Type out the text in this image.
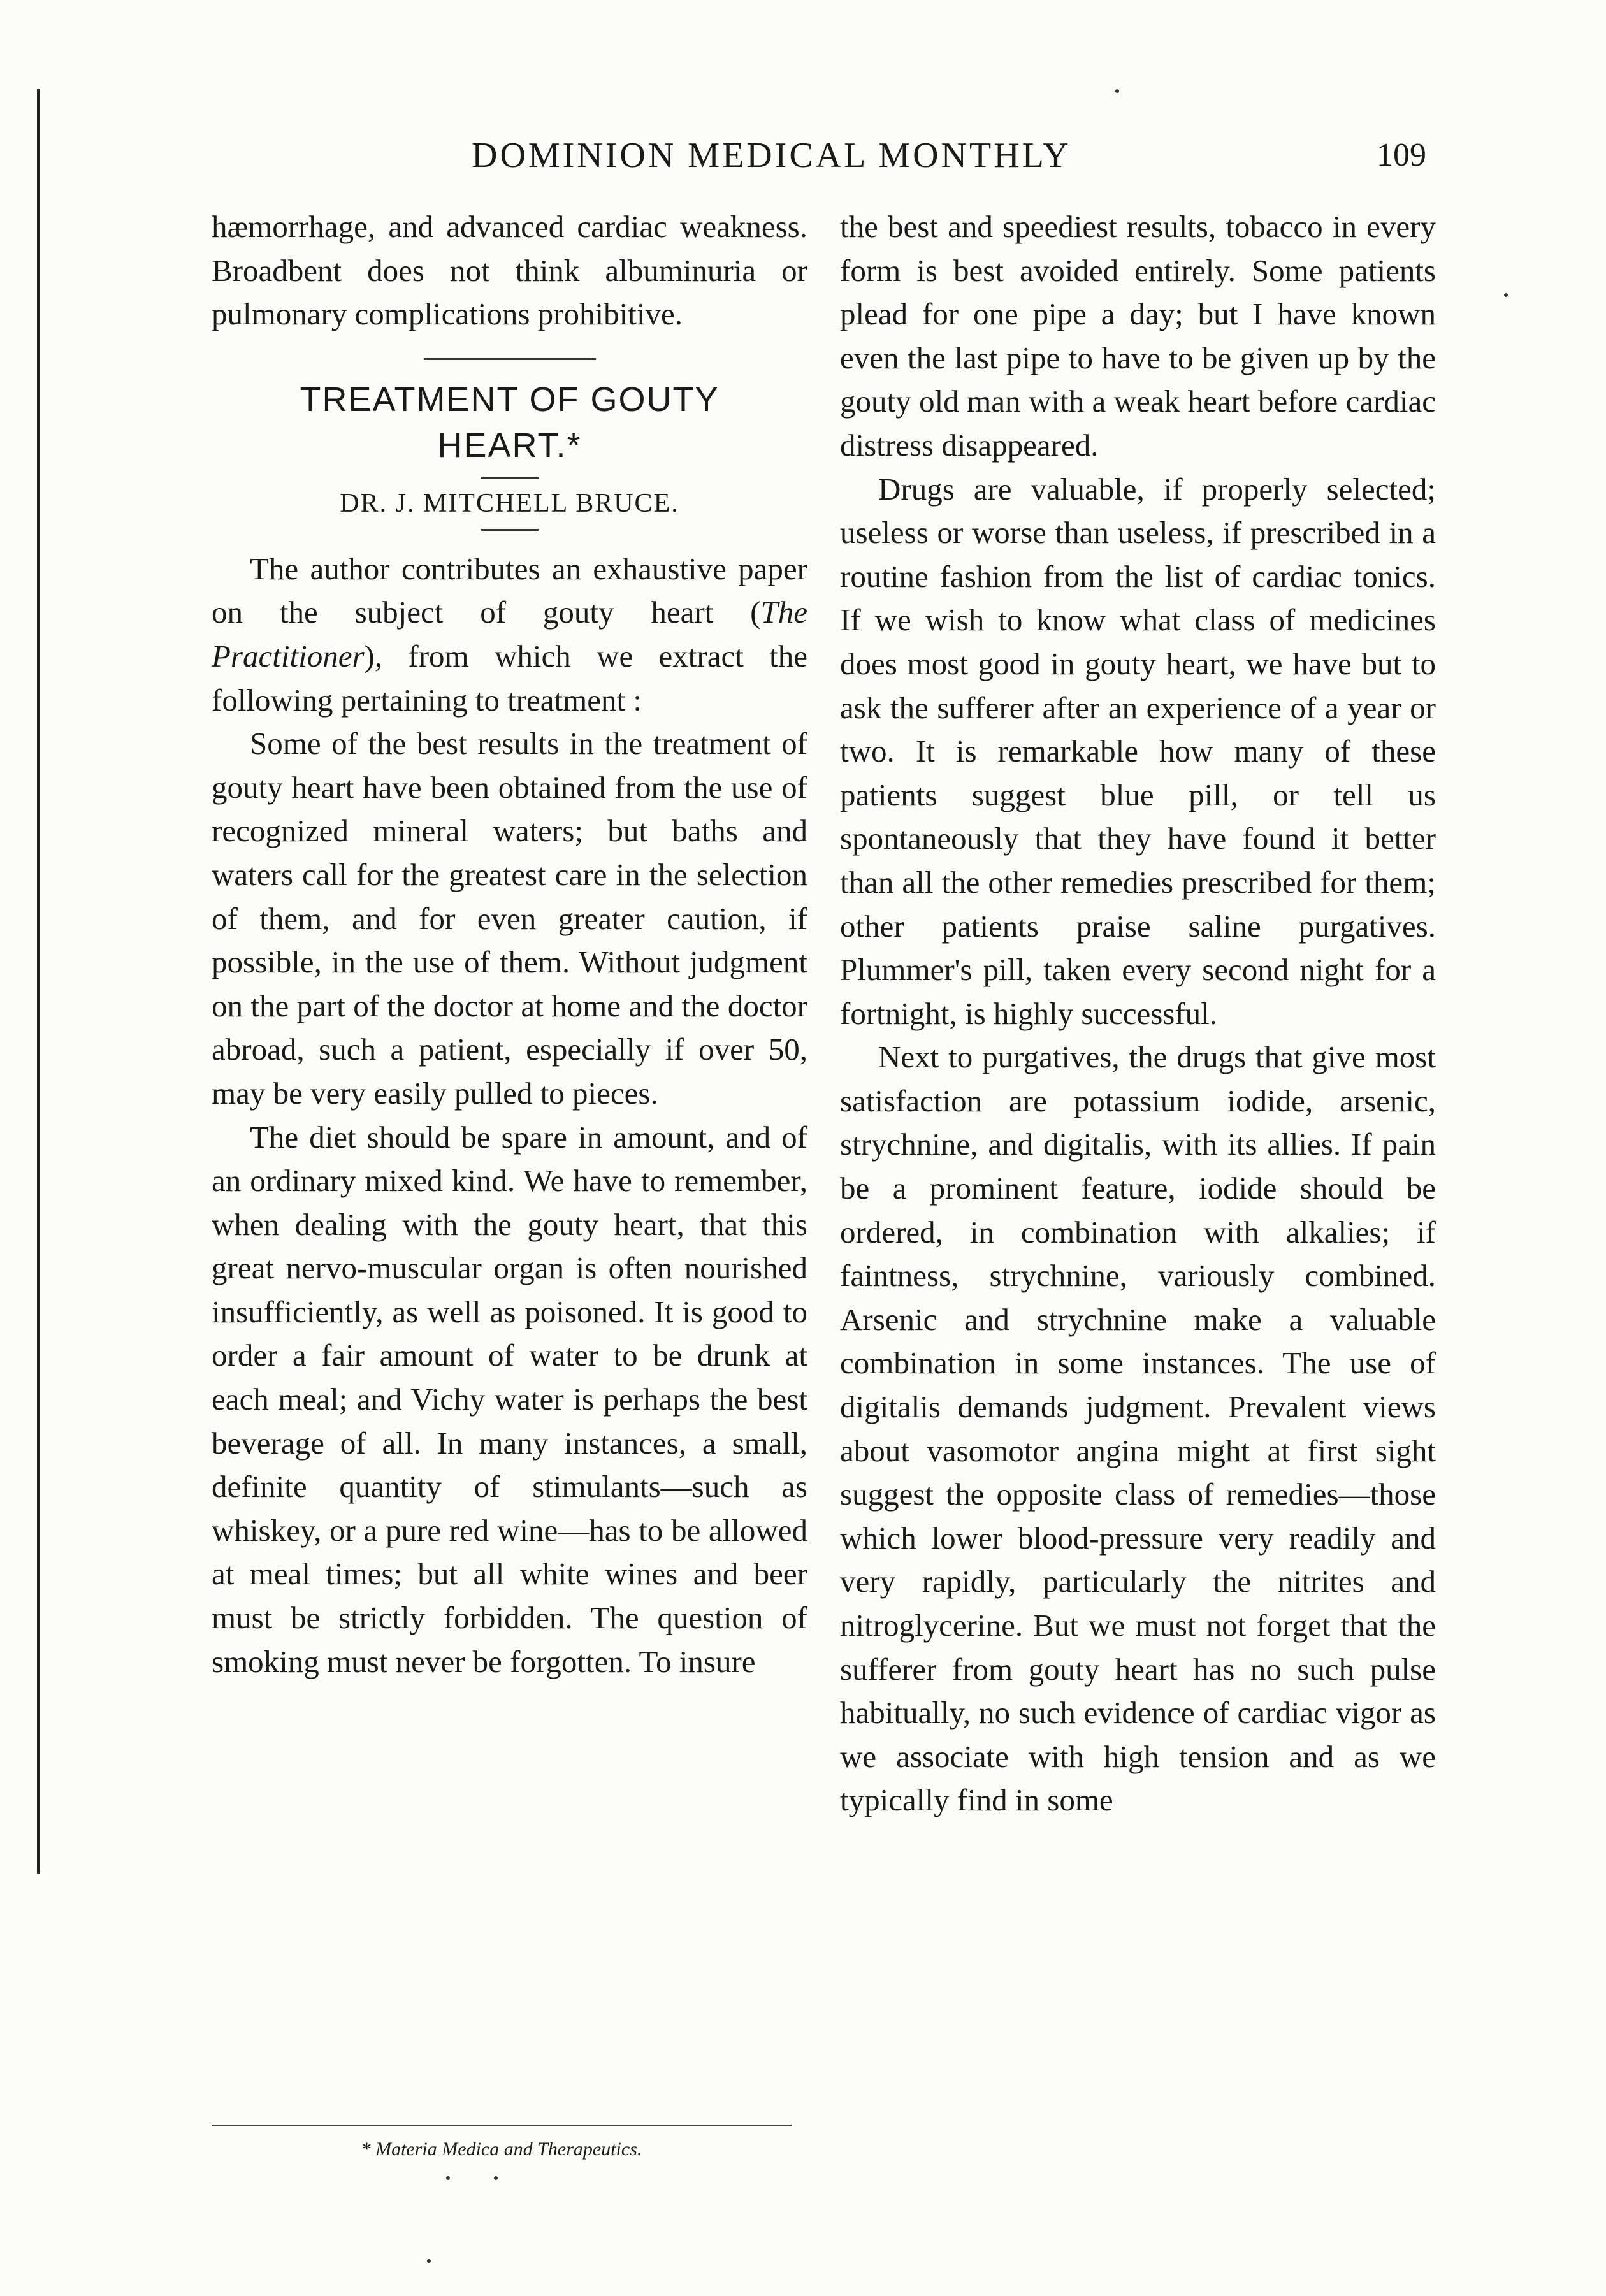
DOMINION MEDICAL MONTHLY	109

hæmorrhage, and advanced cardiac weakness. Broadbent does not think albuminuria or pulmonary complications prohibitive.

TREATMENT OF GOUTY
HEART.*
DR. J. MITCHELL BRUCE.

The author contributes an exhaustive paper on the subject of gouty heart (The Practitioner), from which we extract the following pertaining to treatment :

Some of the best results in the treatment of gouty heart have been obtained from the use of recognized mineral waters; but baths and waters call for the greatest care in the selection of them, and for even greater caution, if possible, in the use of them. Without judgment on the part of the doctor at home and the doctor abroad, such a patient, especially if over 50, may be very easily pulled to pieces.

The diet should be spare in amount, and of an ordinary mixed kind. We have to remember, when dealing with the gouty heart, that this great nervo-muscular organ is often nourished insufficiently, as well as poisoned. It is good to order a fair amount of water to be drunk at each meal; and Vichy water is perhaps the best beverage of all. In many instances, a small, definite quantity of stimulants—such as whiskey, or a pure red wine—has to be allowed at meal times; but all white wines and beer must be strictly forbidden. The question of smoking must never be forgotten. To insure

the best and speediest results, tobacco in every form is best avoided entirely. Some patients plead for one pipe a day; but I have known even the last pipe to have to be given up by the gouty old man with a weak heart before cardiac distress disappeared.

Drugs are valuable, if properly selected; useless or worse than useless, if prescribed in a routine fashion from the list of cardiac tonics. If we wish to know what class of medicines does most good in gouty heart, we have but to ask the sufferer after an experience of a year or two. It is remarkable how many of these patients suggest blue pill, or tell us spontaneously that they have found it better than all the other remedies prescribed for them; other patients praise saline purgatives. Plummer's pill, taken every second night for a fortnight, is highly successful.

Next to purgatives, the drugs that give most satisfaction are potassium iodide, arsenic, strychnine, and digitalis, with its allies. If pain be a prominent feature, iodide should be ordered, in combination with alkalies; if faintness, strychnine, variously combined. Arsenic and strychnine make a valuable combination in some instances. The use of digitalis demands judgment. Prevalent views about vasomotor angina might at first sight suggest the opposite class of remedies—those which lower blood-pressure very readily and very rapidly, particularly the nitrites and nitroglycerine. But we must not forget that the sufferer from gouty heart has no such pulse habitually, no such evidence of cardiac vigor as we associate with high tension and as we typically find in some

* Materia Medica and Therapeutics.
